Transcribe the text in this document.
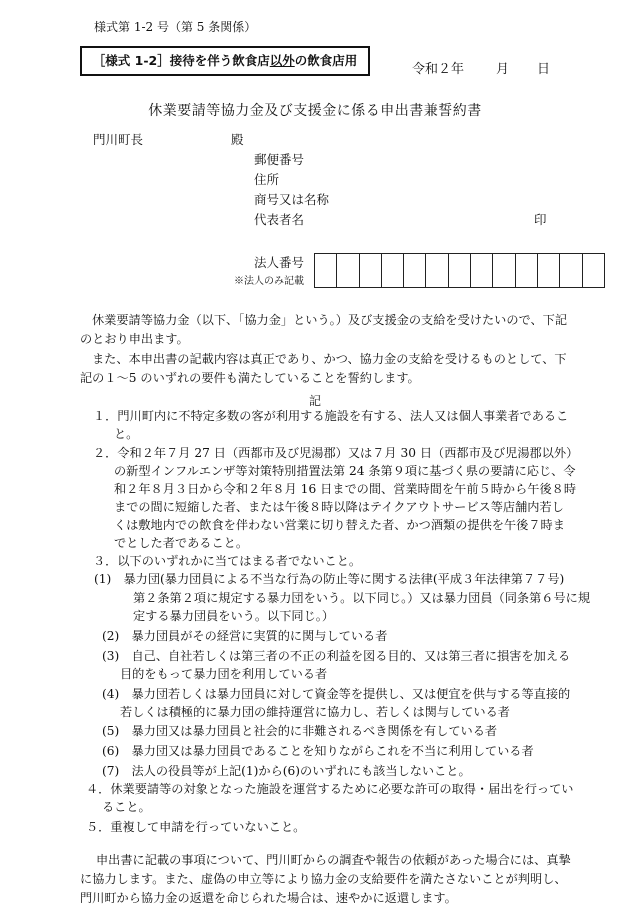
様式第 1-2 号（第 5 条関係）
［様式 1-2］接待を伴う飲食店以外の飲食店用
令和２年 月 日
休業要請等協力金及び支援金に係る申出書兼誓約書
門川町長	殿
郵便番号
住所
商号又は名称
代表者名	印
法人番号
※法人のみ記載
休業要請等協力金（以下、「協力金」という。）及び支援金の支給を受けたいので、下記
のとおり申出ます。
また、本申出書の記載内容は真正であり、かつ、協力金の支給を受けるものとして、下
記の１～5 のいずれの要件も満たしていることを誓約します。
記
１．門川町内に不特定多数の客が利用する施設を有する、法人又は個人事業者であるこ
と。
２．令和２年７月 27 日（西都市及び児湯郡）又は７月 30 日（西都市及び児湯郡以外）
の新型インフルエンザ等対策特別措置法第 24 条第９項に基づく県の要請に応じ、令
和２年８月３日から令和２年８月 16 日までの間、営業時間を午前５時から午後８時
までの間に短縮した者、または午後８時以降はテイクアウトサービス等店舗内若し
くは敷地内での飲食を伴わない営業に切り替えた者、かつ酒類の提供を午後７時ま
でとした者であること。
３．以下のいずれかに当てはまる者でないこと。
(1)　暴力団(暴力団員による不当な行為の防止等に関する法律(平成３年法律第７７号)
第２条第２項に規定する暴力団をいう。以下同じ。）又は暴力団員（同条第６号に規
定する暴力団員をいう。以下同じ。）
(2)　暴力団員がその経営に実質的に関与している者
(3)　自己、自社若しくは第三者の不正の利益を図る目的、又は第三者に損害を加える
目的をもって暴力団を利用している者
(4)　暴力団若しくは暴力団員に対して資金等を提供し、又は便宜を供与する等直接的
若しくは積極的に暴力団の維持運営に協力し、若しくは関与している者
(5)　暴力団又は暴力団員と社会的に非難されるべき関係を有している者
(6)　暴力団又は暴力団員であることを知りながらこれを不当に利用している者
(7)　法人の役員等が上記(1)から(6)のいずれにも該当しないこと。
４．休業要請等の対象となった施設を運営するために必要な許可の取得・届出を行ってい
ること。
５．重複して申請を行っていないこと。
申出書に記載の事項について、門川町からの調査や報告の依頼があった場合には、真摯
に協力します。また、虚偽の申立等により協力金の支給要件を満たさないことが判明し、
門川町から協力金の返還を命じられた場合は、速やかに返還します。
